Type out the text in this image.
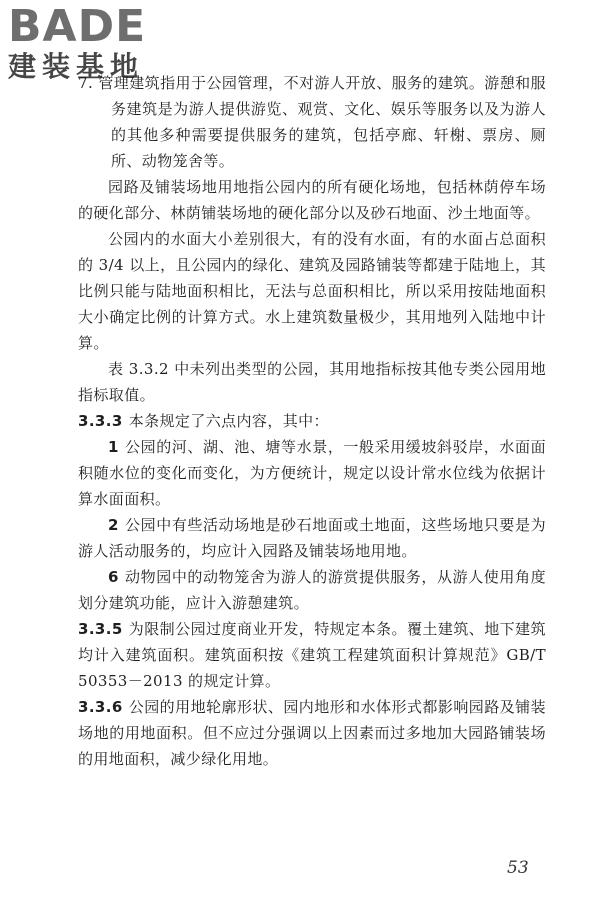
BADE
建装基地

7. 管理建筑指用于公园管理，不对游人开放、服务的建筑。游憩和服务建筑是为游人提供游览、观赏、文化、娱乐等服务以及为游人的其他多种需要提供服务的建筑，包括亭廊、轩榭、票房、厕所、动物笼舍等。

园路及铺装场地用地指公园内的所有硬化场地，包括林荫停车场的硬化部分、林荫铺装场地的硬化部分以及砂石地面、沙土地面等。

公园内的水面大小差别很大，有的没有水面，有的水面占总面积的 3/4 以上，且公园内的绿化、建筑及园路铺装等都建于陆地上，其比例只能与陆地面积相比，无法与总面积相比，所以采用按陆地面积大小确定比例的计算方式。水上建筑数量极少，其用地列入陆地中计算。

表 3.3.2 中未列出类型的公园，其用地指标按其他专类公园用地指标取值。

3.3.3 本条规定了六点内容，其中：

1 公园的河、湖、池、塘等水景，一般采用缓坡斜驳岸，水面面积随水位的变化而变化，为方便统计，规定以设计常水位线为依据计算水面面积。

2 公园中有些活动场地是砂石地面或土地面，这些场地只要是为游人活动服务的，均应计入园路及铺装场地用地。

6 动物园中的动物笼舍为游人的游赏提供服务，从游人使用角度划分建筑功能，应计入游憩建筑。

3.3.5 为限制公园过度商业开发，特规定本条。覆土建筑、地下建筑均计入建筑面积。建筑面积按《建筑工程建筑面积计算规范》GB/T 50353－2013 的规定计算。

3.3.6 公园的用地轮廓形状、园内地形和水体形式都影响园路及铺装场地的用地面积。但不应过分强调以上因素而过多地加大园路铺装场的用地面积，减少绿化用地。

53
